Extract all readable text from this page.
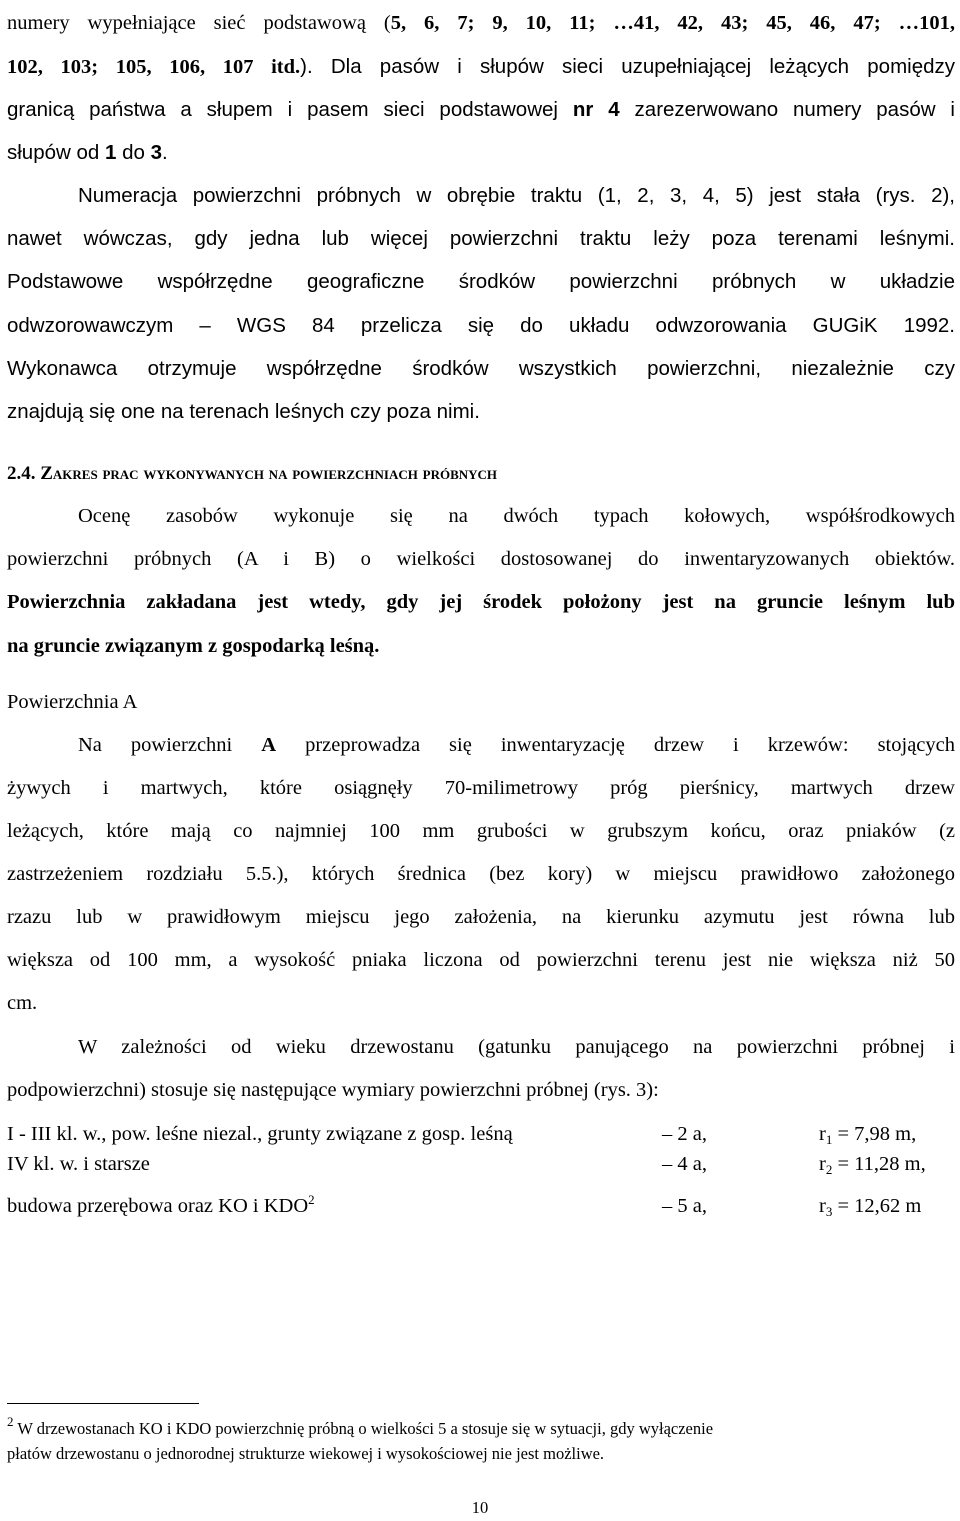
numery wypełniające sieć podstawową (5, 6, 7; 9, 10, 11; …41, 42, 43; 45, 46, 47; …101,
102, 103; 105, 106, 107 itd.). Dla pasów i słupów sieci uzupełniającej leżących pomiędzy
granicą państwa a słupem i pasem sieci podstawowej nr 4 zarezerwowano numery pasów i
słupów od 1 do 3.
Numeracja powierzchni próbnych w obrębie traktu (1, 2, 3, 4, 5) jest stała (rys. 2),
nawet wówczas, gdy jedna lub więcej powierzchni traktu leży poza terenami leśnymi.
Podstawowe współrzędne geograficzne środków powierzchni próbnych w układzie
odwzorowawczym – WGS 84 przelicza się do układu odwzorowania GUGiK 1992.
Wykonawca otrzymuje współrzędne środków wszystkich powierzchni, niezależnie czy
znajdują się one na terenach leśnych czy poza nimi.
2.4. Zakres prac wykonywanych na powierzchniach próbnych
Ocenę zasobów wykonuje się na dwóch typach kołowych, współśrodkowych
powierzchni próbnych (A i B) o wielkości dostosowanej do inwentaryzowanych obiektów.
Powierzchnia zakładana jest wtedy, gdy jej środek położony jest na gruncie leśnym lub
na gruncie związanym z gospodarką leśną.
Powierzchnia A
Na powierzchni A przeprowadza się inwentaryzację drzew i krzewów: stojących
żywych i martwych, które osiągnęły 70-milimetrowy próg pierśnicy, martwych drzew
leżących, które mają co najmniej 100 mm grubości w grubszym końcu, oraz pniaków (z
zastrzeżeniem rozdziału 5.5.), których średnica (bez kory) w miejscu prawidłowo założonego
rzazu lub w prawidłowym miejscu jego założenia, na kierunku azymutu jest równa lub
większa od 100 mm, a wysokość pniaka liczona od powierzchni terenu jest nie większa niż 50
cm.
W zależności od wieku drzewostanu (gatunku panującego na powierzchni próbnej i
podpowierzchni) stosuje się następujące wymiary powierzchni próbnej (rys. 3):
I - III kl. w., pow. leśne niezal., grunty związane z gosp. leśną	– 2 a,	$r_1 = 7,98$ m,
IV kl. w. i starsze	– 4 a,	$r_2 = 11,28$ m,
budowa przerębowa oraz KO i KDO$^2$	– 5 a,	$r_3 = 12,62$ m
$^2$ W drzewostanach KO i KDO powierzchnię próbną o wielkości 5 a stosuje się w sytuacji, gdy wyłączenie
płatów drzewostanu o jednorodnej strukturze wiekowej i wysokościowej nie jest możliwe.
10
